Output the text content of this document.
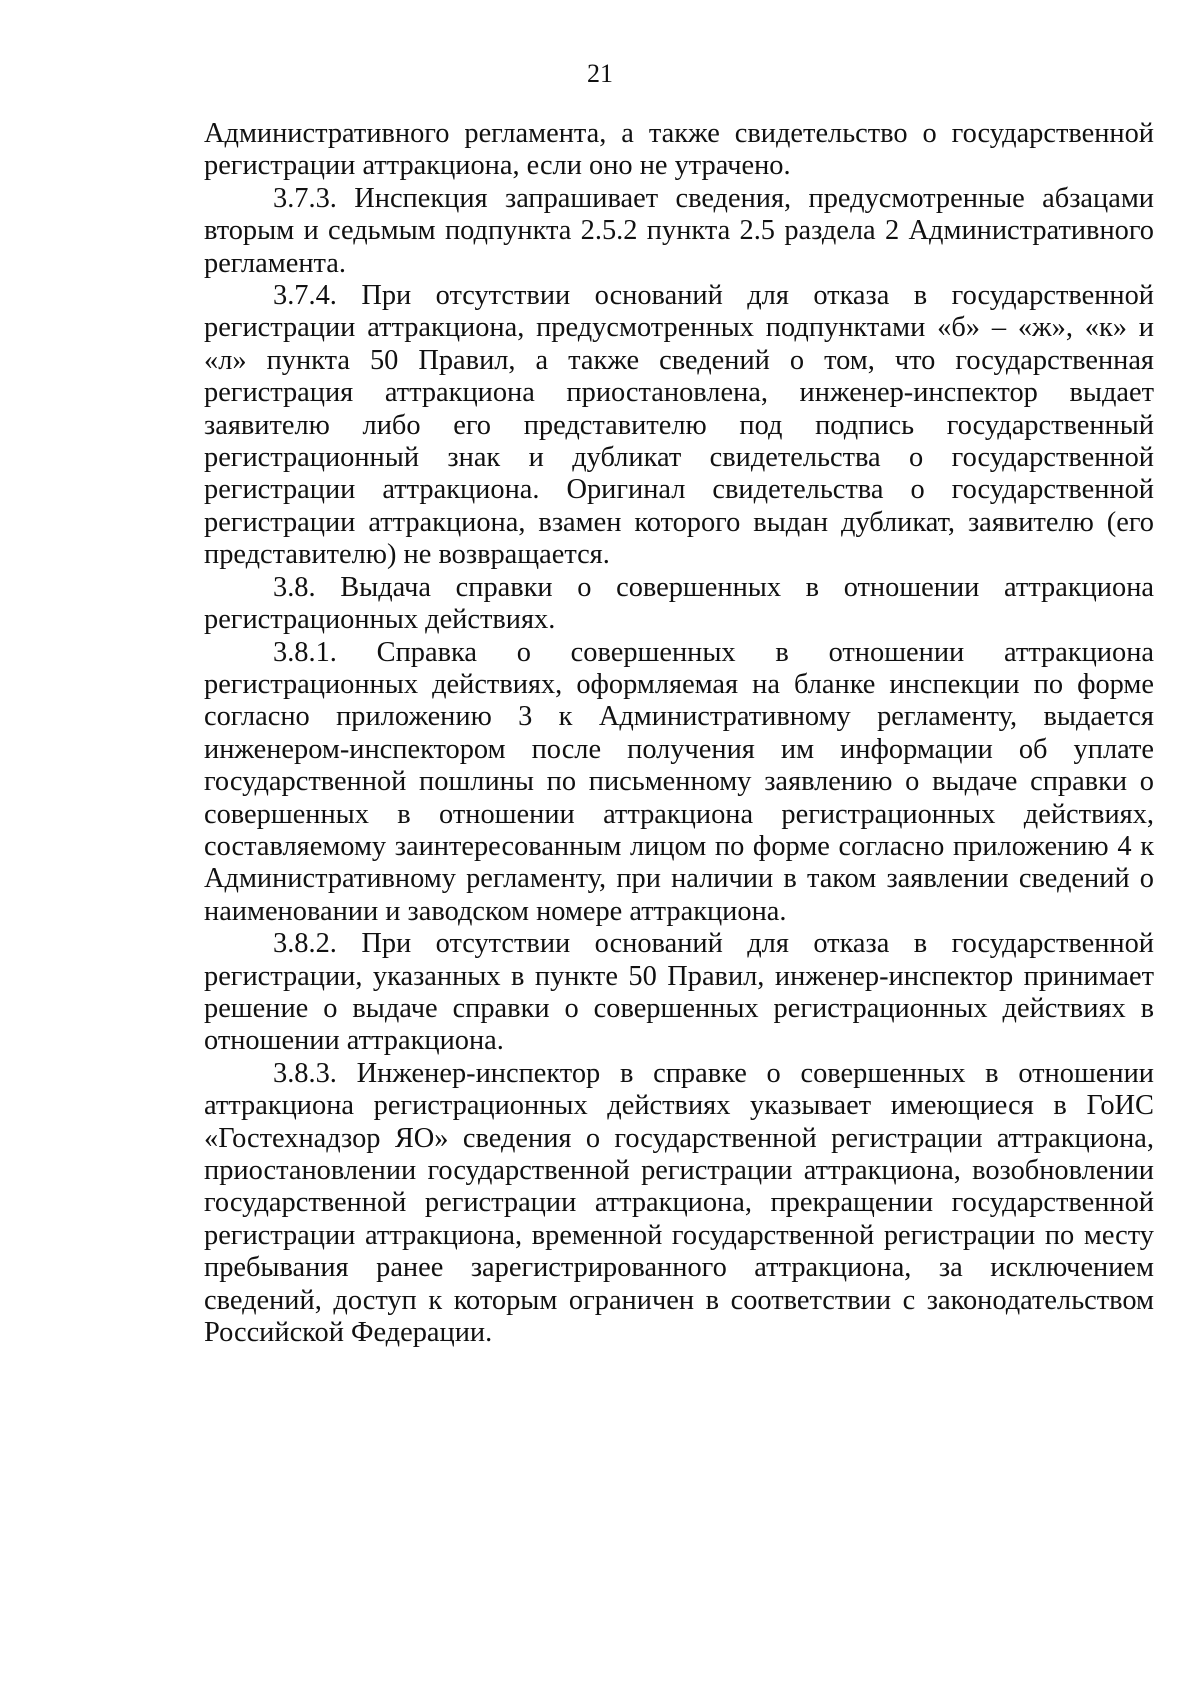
21

Административного регламента, а также свидетельство о государственной регистрации аттракциона, если оно не утрачено.

3.7.3. Инспекция запрашивает сведения, предусмотренные абзацами вторым и седьмым подпункта 2.5.2 пункта 2.5 раздела 2 Административного регламента.

3.7.4. При отсутствии оснований для отказа в государственной регистрации аттракциона, предусмотренных подпунктами «б» – «ж», «к» и «л» пункта 50 Правил, а также сведений о том, что государственная регистрация аттракциона приостановлена, инженер-инспектор выдает заявителю либо его представителю под подпись государственный регистрационный знак и дубликат свидетельства о государственной регистрации аттракциона. Оригинал свидетельства о государственной регистрации аттракциона, взамен которого выдан дубликат, заявителю (его представителю) не возвращается.

3.8. Выдача справки о совершенных в отношении аттракциона регистрационных действиях.

3.8.1. Справка о совершенных в отношении аттракциона регистрационных действиях, оформляемая на бланке инспекции по форме согласно приложению 3 к Административному регламенту, выдается инженером-инспектором после получения им информации об уплате государственной пошлины по письменному заявлению о выдаче справки о совершенных в отношении аттракциона регистрационных действиях, составляемому заинтересованным лицом по форме согласно приложению 4 к Административному регламенту, при наличии в таком заявлении сведений о наименовании и заводском номере аттракциона.

3.8.2. При отсутствии оснований для отказа в государственной регистрации, указанных в пункте 50 Правил, инженер-инспектор принимает решение о выдаче справки о совершенных регистрационных действиях в отношении аттракциона.

3.8.3. Инженер-инспектор в справке о совершенных в отношении аттракциона регистрационных действиях указывает имеющиеся в ГоИС «Гостехнадзор ЯО» сведения о государственной регистрации аттракциона, приостановлении государственной регистрации аттракциона, возобновлении государственной регистрации аттракциона, прекращении государственной регистрации аттракциона, временной государственной регистрации по месту пребывания ранее зарегистрированного аттракциона, за исключением сведений, доступ к которым ограничен в соответствии с законодательством Российской Федерации.
